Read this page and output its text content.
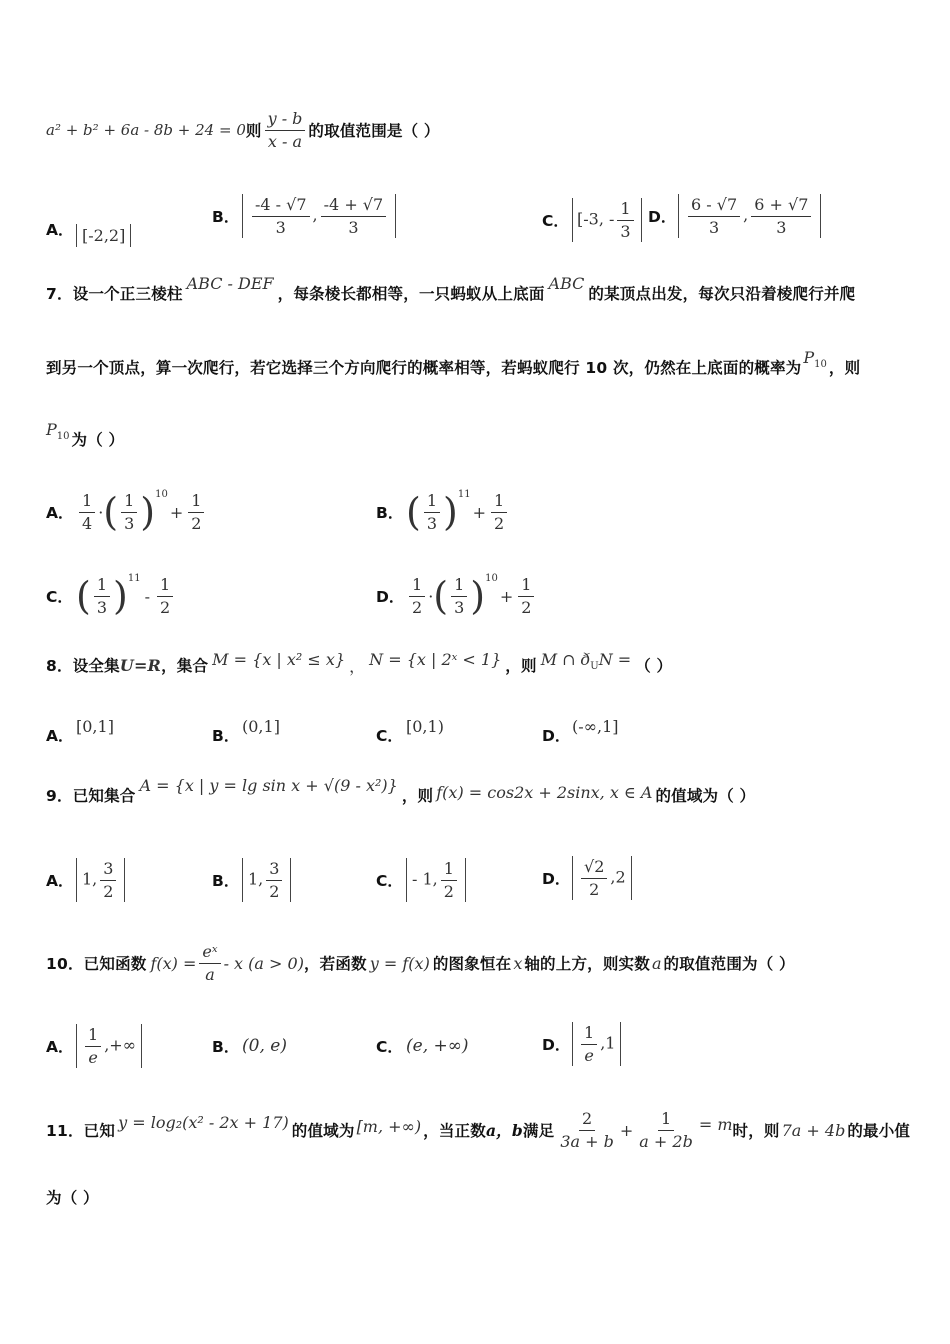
a² + b² + 6a - 8b + 24 = 0 则 $\frac{y - b}{x - a}$ 的取值范围是（ ）
A． [-2,2]
B． $\frac{-4 - √7}{3}$ , $\frac{-4 + √7}{3}$	C． [-3, - $\frac{1}{3}$ D． $\frac{6 - √7}{3}$ , $\frac{6 + √7}{3}$
7． 设一个正三棱柱
ABC - DEF
，每条棱长都相等，一只蚂蚁从上底面
ABC
的某顶点出发，每次只沿着棱爬行并爬
到另一个顶点，算一次爬行，若它选择三个方向爬行的概率相等，若蚂蚁爬行 10 次，仍然在上底面的概率为
$P_{10}$ ，则
$P_{10}$ 为（ ）
A． $\frac{1}{4}$ · ( $\frac{1}{3}$ ) 10
+ $\frac{1}{2}$	B． ( $\frac{1}{3}$ ) 11
+ $\frac{1}{2}$
C． ( $\frac{1}{3}$ ) 11
- $\frac{1}{2}$	D． $\frac{1}{2}$ · ( $\frac{1}{3}$ ) 10
+ $\frac{1}{2}$
8． 设全集 U=R ，集合 M = {x | x² ≤ x} ， N = {x | 2ˣ < 1} ，则 M ∩ $ð_UN$ = （ ）
A．
[0,1]
B．
(0,1]
C．
[0,1)
D．
(-∞,1]
9． 已知集合
A = {x | y = lg sin x + √(9 - x²)}
，则 f(x) = cos2x + 2sinx, x ∈ A 的值域为（ ）
A． 1, $\frac{3}{2}$	B． 1, $\frac{3}{2}$	C． - 1, $\frac{1}{2}$	D． $\frac{√2}{2} ,2$
10． 已知函数 $f(x) = \frac{\text{eˣ}}{a} - x$ (a > 0) ，若函数 y = f(x) 的图象恒在 x 轴的上方，则实数 a 的取值范围为（ ）
A． $\frac{1}{e}$ ,+∞	B． (0, e)	C． (e, +∞)	D． $\frac{1}{e} ,1$
11． 已知 y = log₂(x² - 2x + 17) 的值域为 [m, +∞) ，当正数 a，b 满足 $\frac{2}{3a + b} + \frac{1}{a + 2b} = m$ 时，则 7a + 4b 的最小值
为（ ）
